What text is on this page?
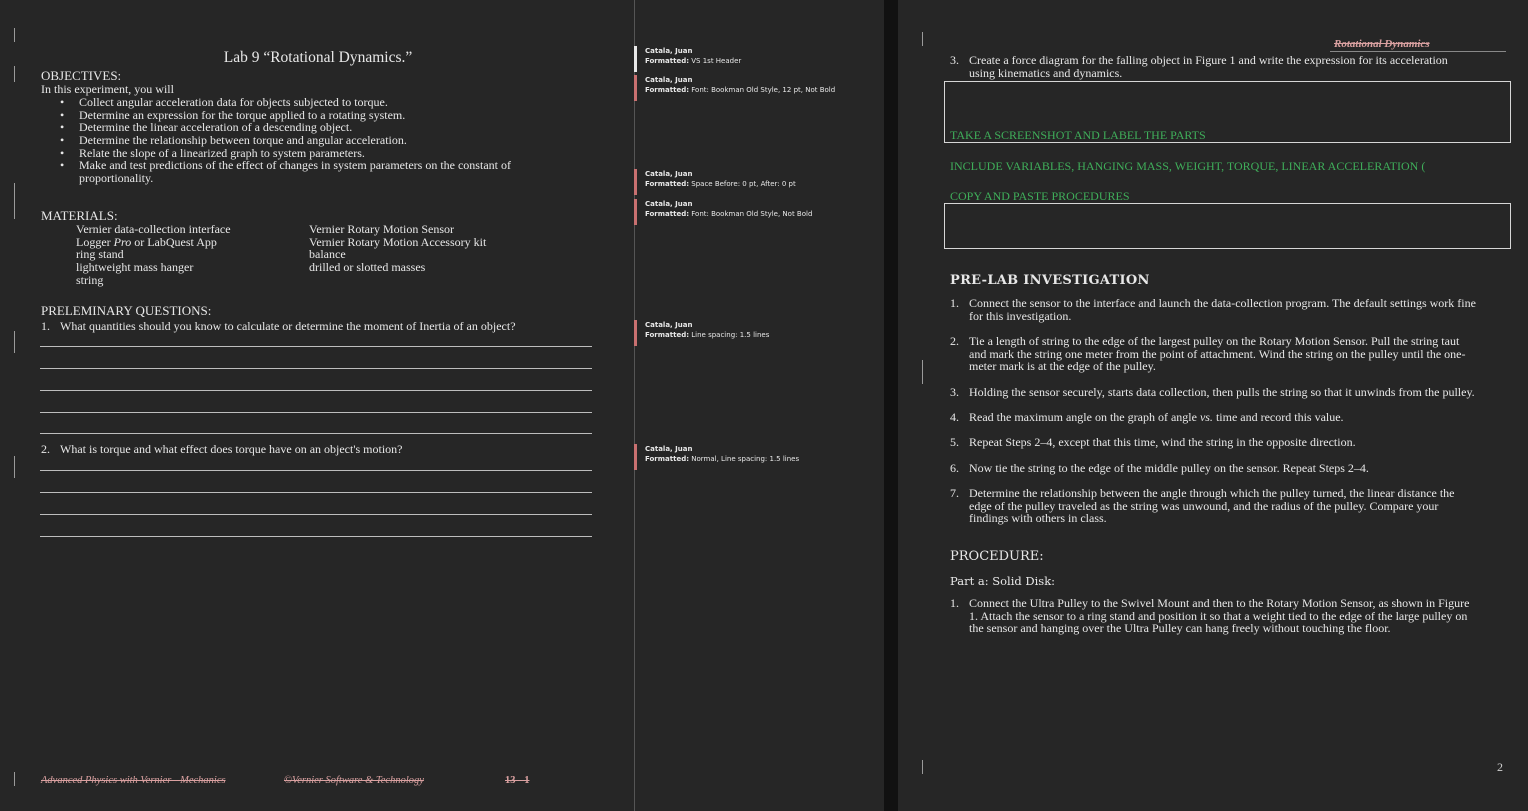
Lab 9 “Rotational Dynamics.”
OBJECTIVES:
In this experiment, you will
• Collect angular acceleration data for objects subjected to torque.
• Determine an expression for the torque applied to a rotating system.
• Determine the linear acceleration of a descending object.
• Determine the relationship between torque and angular acceleration.
• Relate the slope of a linearized graph to system parameters.
• Make and test predictions of the effect of changes in system parameters on the constant of
proportionality.
MATERIALS:
Vernier data-collection interface
Logger Pro or LabQuest App
ring stand
lightweight mass hanger
string
Vernier Rotary Motion Sensor
Vernier Rotary Motion Accessory kit
balance
drilled or slotted masses
PRELEMINARY QUESTIONS:
1. What quantities should you know to calculate or determine the moment of Inertia of an object?
2. What is torque and what effect does torque have on an object's motion?
Advanced Physics with Vernier - Mechanics	©Vernier Software & Technology	13 - 1
Catala, Juan
Formatted: VS 1st Header
Catala, Juan
Formatted: Font: Bookman Old Style, 12 pt, Not Bold
Catala, Juan
Formatted: Space Before: 0 pt, After: 0 pt
Catala, Juan
Formatted: Font: Bookman Old Style, Not Bold
Catala, Juan
Formatted: Line spacing: 1.5 lines
Catala, Juan
Formatted: Normal, Line spacing: 1.5 lines
Rotational Dynamics
3. Create a force diagram for the falling object in Figure 1 and write the expression for its acceleration
using kinematics and dynamics.
TAKE A SCREENSHOT AND LABEL THE PARTS
INCLUDE VARIABLES, HANGING MASS, WEIGHT, TORQUE, LINEAR ACCELERATION (
COPY AND PASTE PROCEDURES
PRE-LAB INVESTIGATION
1. Connect the sensor to the interface and launch the data-collection program. The default settings work fine
for this investigation.
2. Tie a length of string to the edge of the largest pulley on the Rotary Motion Sensor. Pull the string taut
and mark the string one meter from the point of attachment. Wind the string on the pulley until the one-
meter mark is at the edge of the pulley.
3. Holding the sensor securely, starts data collection, then pulls the string so that it unwinds from the pulley.
4. Read the maximum angle on the graph of angle vs. time and record this value.
5. Repeat Steps 2–4, except that this time, wind the string in the opposite direction.
6. Now tie the string to the edge of the middle pulley on the sensor. Repeat Steps 2–4.
7. Determine the relationship between the angle through which the pulley turned, the linear distance the
edge of the pulley traveled as the string was unwound, and the radius of the pulley. Compare your
findings with others in class.
PROCEDURE:
Part a: Solid Disk:
1. Connect the Ultra Pulley to the Swivel Mount and then to the Rotary Motion Sensor, as shown in Figure
1. Attach the sensor to a ring stand and position it so that a weight tied to the edge of the large pulley on
the sensor and hanging over the Ultra Pulley can hang freely without touching the floor.
2
